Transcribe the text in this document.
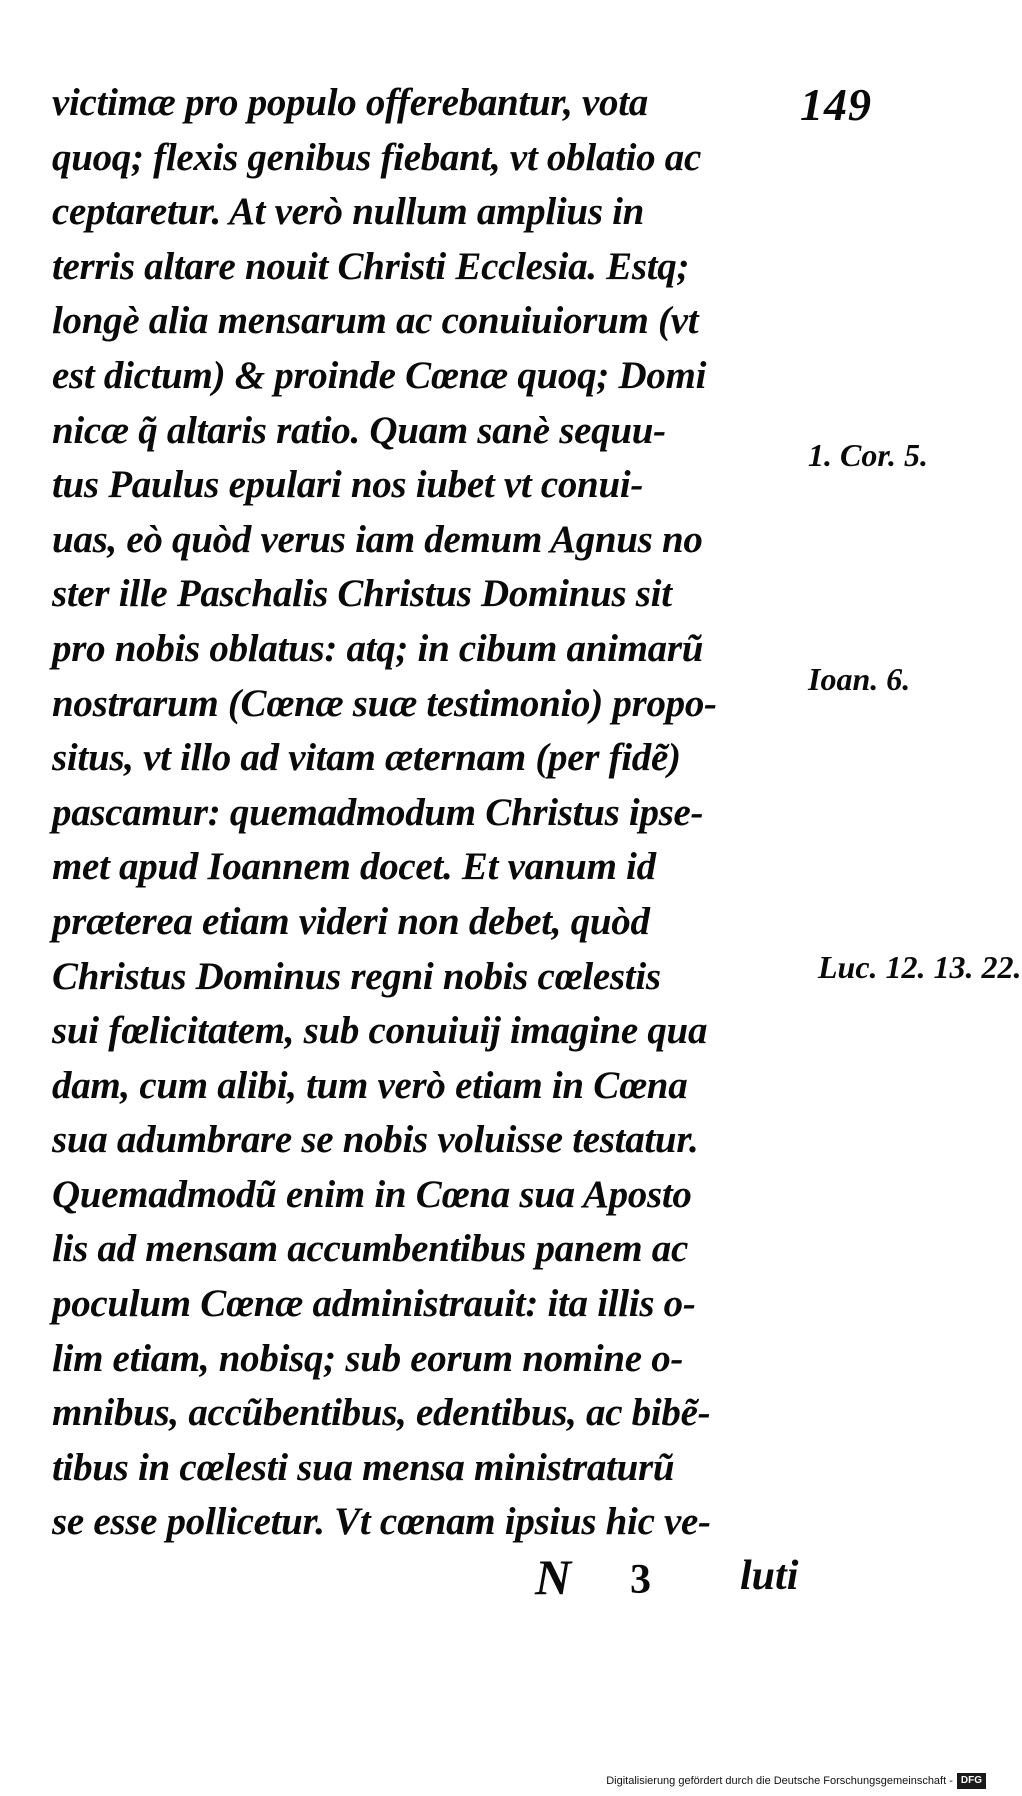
149
victimæ pro populo offerebantur, vota
quoq; flexis genibus fiebant, vt oblatio ac
ceptaretur. At verò nullum amplius in
terris altare nouit Christi Ecclesia. Estq;
longè alia mensarum ac conuiuiorum (vt
est dictum) & proinde Cœnæ quoq; Domi
nicæ q̃ altaris ratio. Quam sanè sequu-
tus Paulus epulari nos iubet vt conui-
uas, eò quòd verus iam demum Agnus no
ster ille Paschalis Christus Dominus sit
pro nobis oblatus: atq; in cibum animarũ
nostrarum (Cœnæ suæ testimonio) propo-
situs, vt illo ad vitam æternam (per fidẽ)
pascamur: quemadmodum Christus ipse-
met apud Ioannem docet. Et vanum id
præterea etiam videri non debet, quòd
Christus Dominus regni nobis cœlestis
sui fœlicitatem, sub conuiuij imagine qua
dam, cum alibi, tum verò etiam in Cœna
sua adumbrare se nobis voluisse testatur.
Quemadmodũ enim in Cœna sua Aposto
lis ad mensam accumbentibus panem ac
poculum Cœnæ administrauit: ita illis o-
lim etiam, nobisq; sub eorum nomine o-
mnibus, accũbentibus, edentibus, ac bibẽ-
tibus in cœlesti sua mensa ministraturũ
se esse pollicetur. Vt cœnam ipsius hic ve-
1. Cor. 5.
Ioan. 6.
Luc. 12. 13. 22.
N 3 luti
Digitalisierung gefördert durch die Deutsche Forschungsgemeinschaft - DFG
